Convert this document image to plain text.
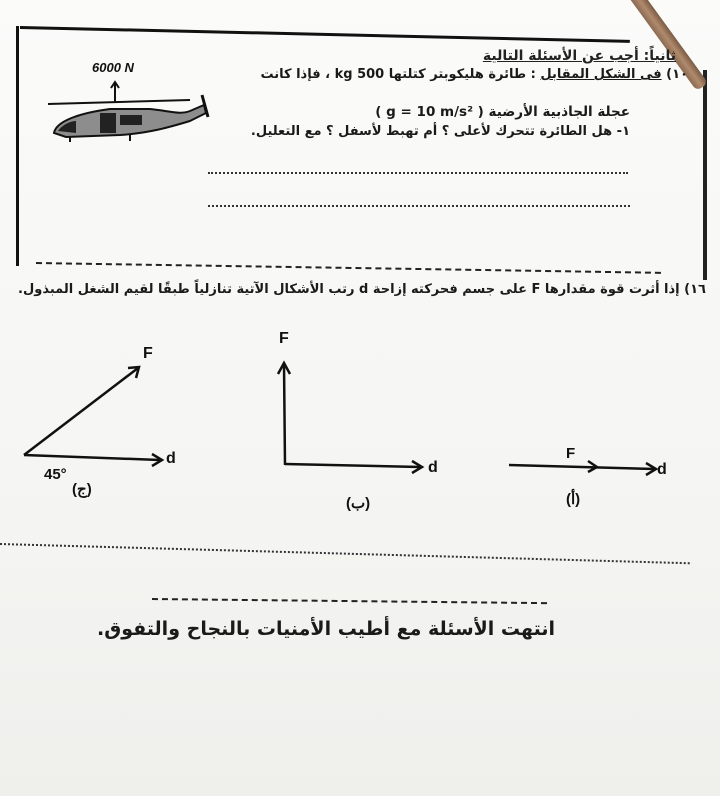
ثانياً: أجب عن الأسئلة التالية
١٠) فى الشكل المقابل : طائرة هليكوبتر كتلتها 500 kg ، فإذا كانت
عجلة الجاذبية الأرضية ( g = 10 m/s² )
١- هل الطائرة تتحرك لأعلى ؟ أم تهبط لأسفل ؟ مع التعليل.
6000 N
١٦) إذا أثرت قوة مقدارها F على جسم فحركته إزاحة d رتب الأشكال الآتية تنازلياً طبقًا لقيم الشغل المبذول.
F
d
45°
(ج)
F
d
(ب)
F
d
(أ)
انتهت الأسئلة مع أطيب الأمنيات بالنجاح والتفوق.
